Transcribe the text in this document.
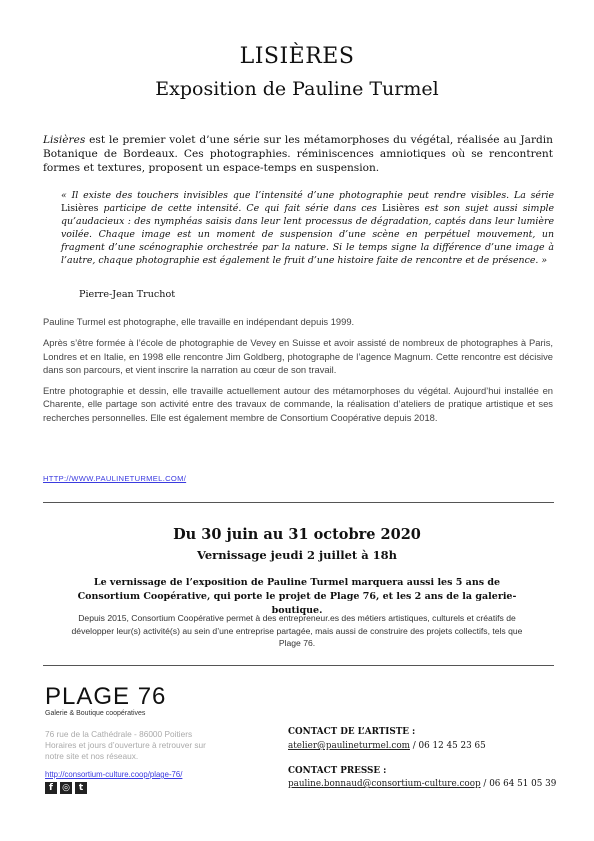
LISIÈRES
Exposition de Pauline Turmel
Lisières est le premier volet d’une série sur les métamorphoses du végétal, réalisée au Jardin Botanique de Bordeaux. Ces photographies. réminiscences amniotiques où se rencontrent formes et textures, proposent un espace-temps en suspension.
« Il existe des touchers invisibles que l’intensité d’une photographie peut rendre visibles. La série Lisières participe de cette intensité. Ce qui fait série dans ces Lisières est son sujet aussi simple qu’audacieux : des nymphéas saisis dans leur lent processus de dégradation, captés dans leur lumière voilée. Chaque image est un moment de suspension d’une scène en perpétuel mouvement, un fragment d’une scénographie orchestrée par la nature. Si le temps signe la différence d’une image à l’autre, chaque photographie est également le fruit d’une histoire faite de rencontre et de présence. »
Pierre-Jean Truchot

Pauline Turmel est photographe, elle travaille en indépendant depuis 1999.

Après s’être formée à l’école de photographie de Vevey en Suisse et avoir assisté de nombreux de photographes à Paris, Londres et en Italie, en 1998 elle rencontre Jim Goldberg, photographe de l’agence Magnum. Cette rencontre est décisive dans son parcours, et vient inscrire la narration au cœur de son travail.

Entre photographie et dessin, elle travaille actuellement autour des métamorphoses du végétal. Aujourd’hui installée en Charente, elle partage son activité entre des travaux de commande, la réalisation d’ateliers de pratique artistique et ses recherches personnelles. Elle est également membre de Consortium Coopérative depuis 2018.

HTTP://WWW.PAULINETURMEL.COM/
Du 30 juin au 31 octobre 2020
Vernissage jeudi 2 juillet à 18h
Le vernissage de l’exposition de Pauline Turmel marquera aussi les 5 ans de Consortium Coopérative, qui porte le projet de Plage 76, et les 2 ans de la galerie-boutique.
Depuis 2015, Consortium Coopérative permet à des entrepreneur.es des métiers artistiques, culturels et créatifs de développer leur(s) activité(s) au sein d’une entreprise partagée, mais aussi de construire des projets collectifs, tels que Plage 76.
PLAGE 76
Galerie & Boutique coopératives
76 rue de la Cathédrale - 86000 Poitiers Horaires et jours d’ouverture à retrouver sur notre site et nos réseaux.
http://consortium-culture.coop/plage-76/
f	◎ t
CONTACT DE L’ARTISTE :
atelier@paulineturmel.com / 06 12 45 23 65
CONTACT PRESSE :
pauline.bonnaud@consortium-culture.coop / 06 64 51 05 39
